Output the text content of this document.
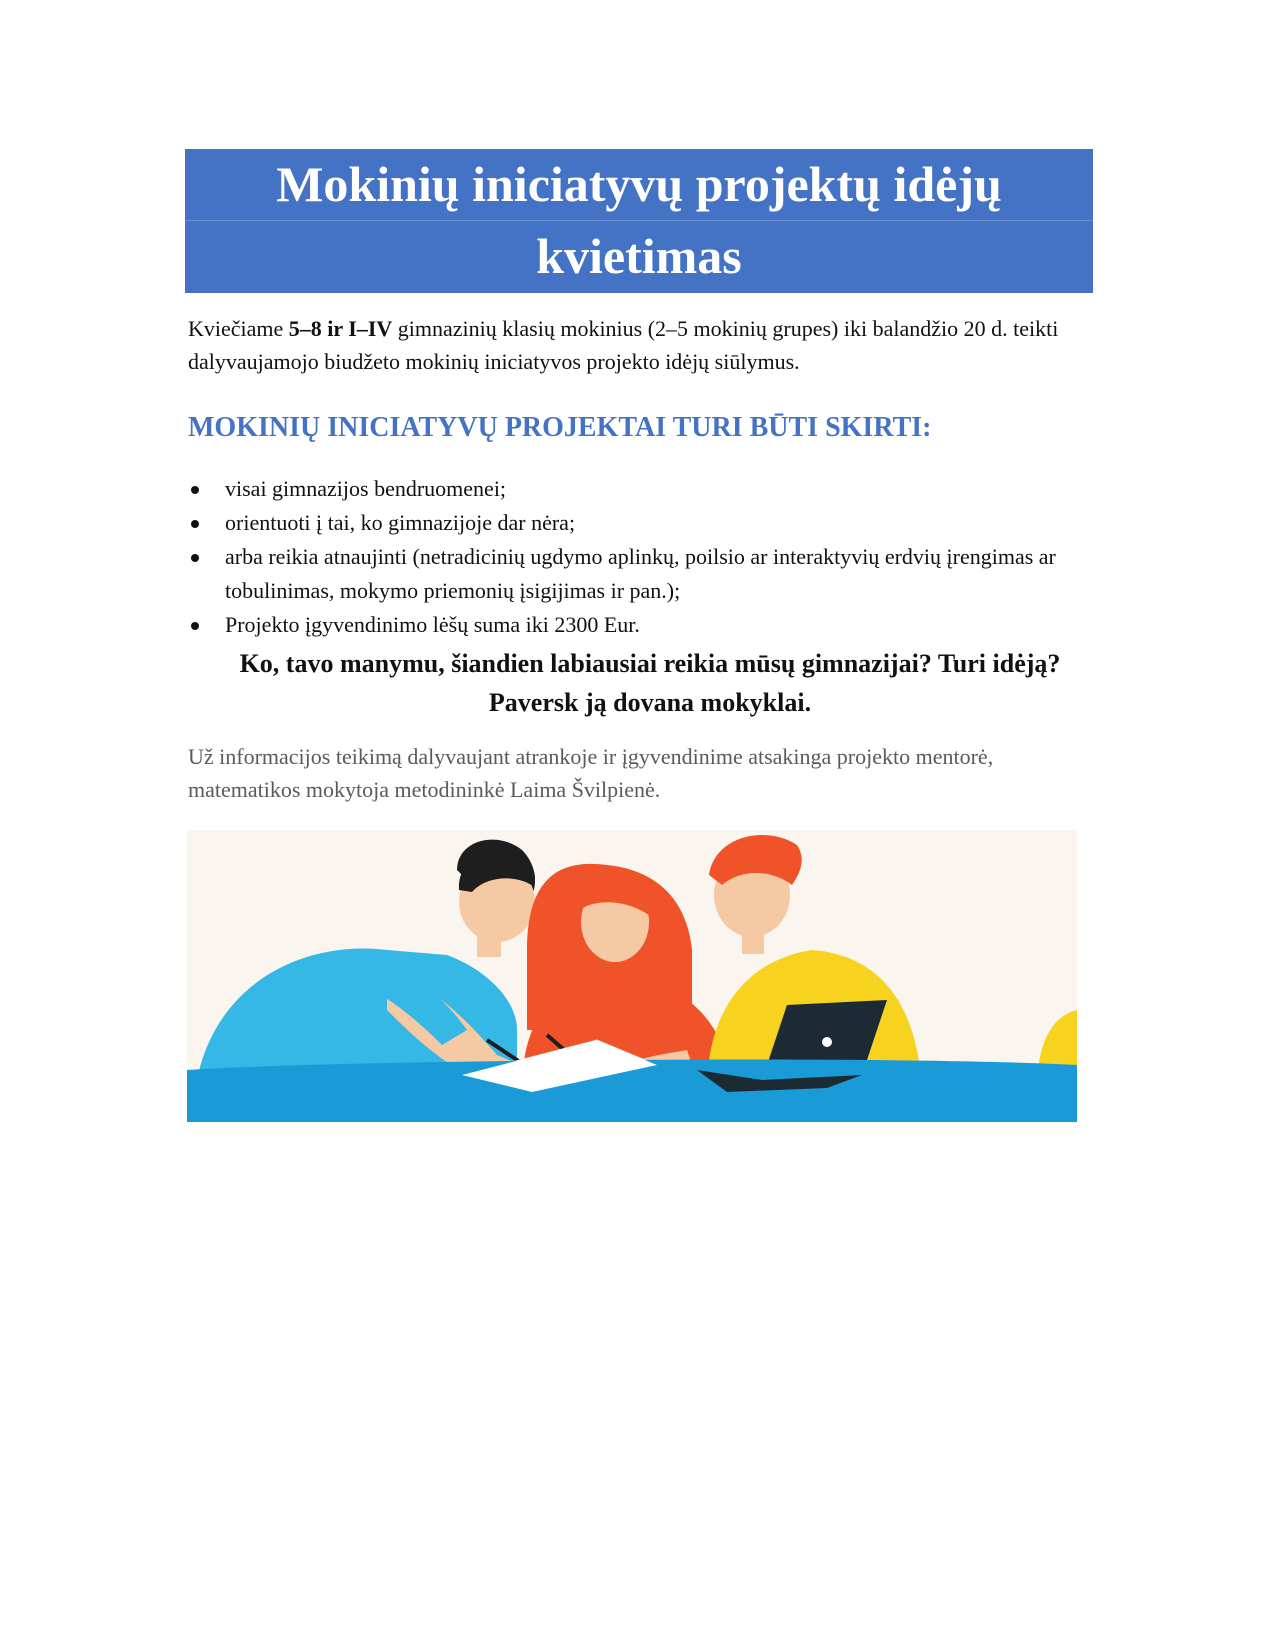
Mokinių iniciatyvų projektų idėjų
kvietimas
Kviečiame 5–8 ir I–IV gimnazinių klasių mokinius (2–5 mokinių grupes) iki balandžio 20 d. teikti dalyvaujamojo biudžeto mokinių iniciatyvos projekto idėjų siūlymus.
MOKINIŲ INICIATYVŲ PROJEKTAI TURI BŪTI SKIRTI:
visai gimnazijos bendruomenei;
orientuoti į tai, ko gimnazijoje dar nėra;
arba reikia atnaujinti (netradicinių ugdymo aplinkų, poilsio ar interaktyvių erdvių įrengimas ar tobulinimas, mokymo priemonių įsigijimas ir pan.);
Projekto įgyvendinimo lėšų suma iki 2300 Eur.
Ko, tavo manymu, šiandien labiausiai reikia mūsų gimnazijai? Turi idėją? Paversk ją dovana mokyklai.
Už informacijos teikimą dalyvaujant atrankoje ir įgyvendinime atsakinga projekto mentorė, matematikos mokytoja metodininkė Laima Švilpienė.
